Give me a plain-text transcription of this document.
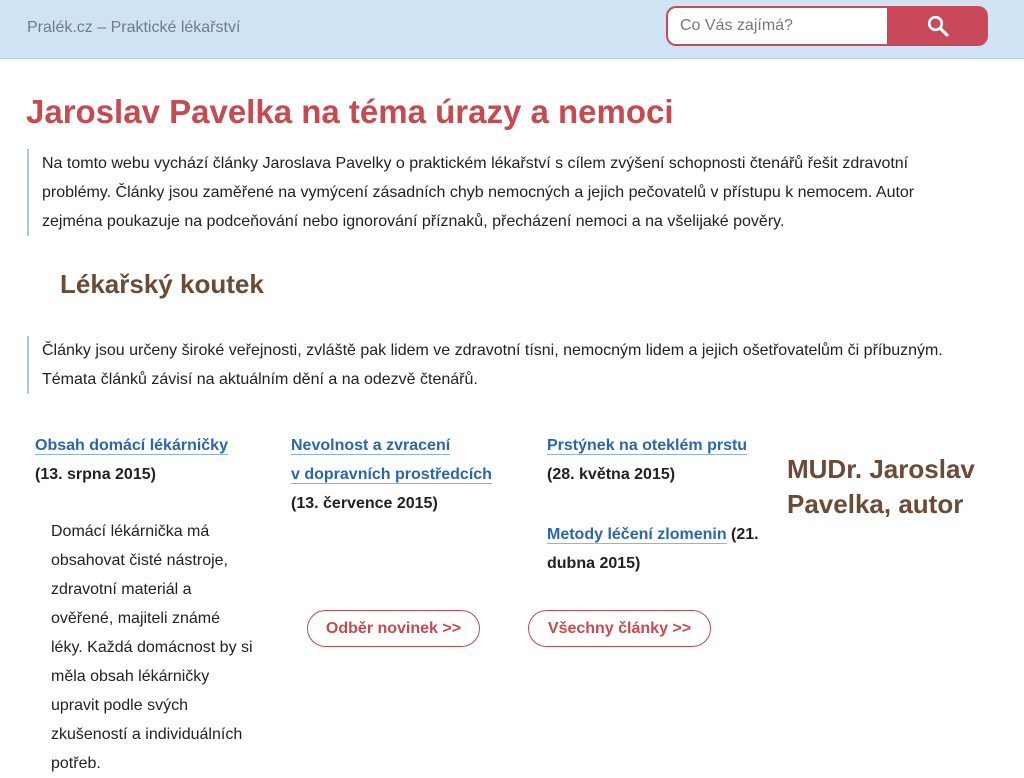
Pralék.cz – Praktické lékařství
Co Vás zajímá?
Jaroslav Pavelka na téma úrazy a nemoci
Na tomto webu vychází články Jaroslava Pavelky o praktickém lékařství s cílem zvýšení schopnosti čtenářů řešit zdravotní problémy. Články jsou zaměřené na vymýcení zásadních chyb nemocných a jejich pečovatelů v přístupu k nemocem. Autor zejména poukazuje na podceňování nebo ignorování příznaků, přecházení nemoci a na všelijaké pověry.
Lékařský koutek
Články jsou určeny široké veřejnosti, zvláště pak lidem ve zdravotní tísni, nemocným lidem a jejich ošetřovatelům či příbuzným. Témata článků závisí na aktuálním dění a na odezvě čtenářů.
Obsah domácí lékárničky
(13. srpna 2015)
Domácí lékárnička má obsahovat čisté nástroje, zdravotní materiál a ověřené, majiteli známé léky. Každá domácnost by si měla obsah lékárničky upravit podle svých zkušeností a individuálních potřeb.
Nevolnost a zvracení
v dopravních prostředcích
(13. července 2015)
Prstýnek na oteklém prstu
(28. května 2015)
Metody léčení zlomenin (21.
dubna 2015)
Odběr novinek >>	Všechny články >>
MUDr. Jaroslav Pavelka, autor
